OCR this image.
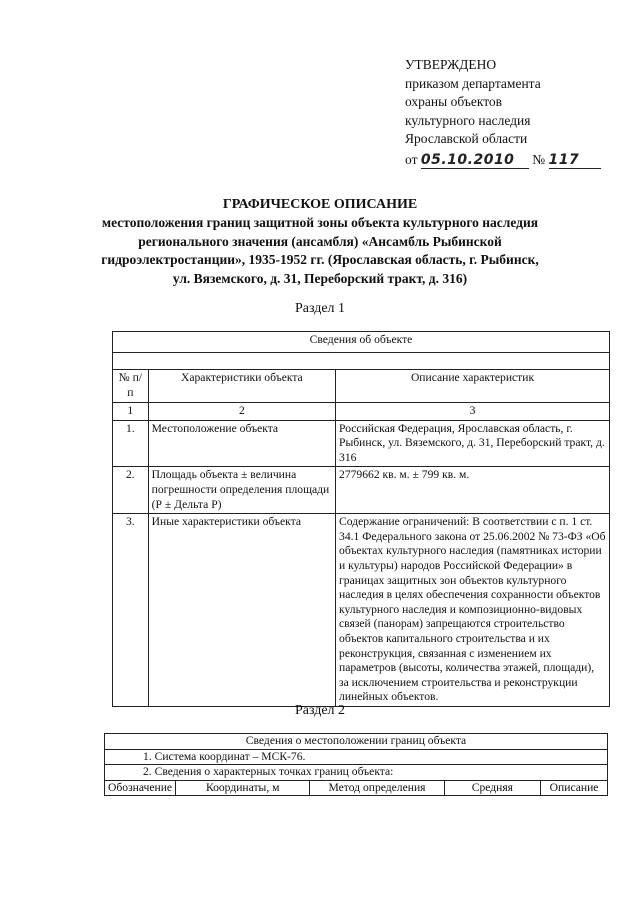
УТВЕРЖДЕНО
приказом департамента
охраны объектов
культурного наследия
Ярославской области
от 05.10.2010 № 117
ГРАФИЧЕСКОЕ ОПИСАНИЕ
местоположения границ защитной зоны объекта культурного наследия регионального значения (ансамбля) «Ансамбль Рыбинской гидроэлектростанции», 1935-1952 гг. (Ярославская область, г. Рыбинск, ул. Вяземского, д. 31, Переборский тракт, д. 316)
Раздел 1
Сведения об объекте		

№ п/п	Характеристики объекта	Описание характеристик
1	2	3
1.	Местоположение объекта	Российская Федерация, Ярославская область, г. Рыбинск, ул. Вяземского, д. 31, Переборский тракт, д. 316
2.	Площадь объекта ± величина погрешности определения площади (Р ± Дельта Р)	2779662 кв. м. ± 799 кв. м.
3.	Иные характеристики объекта	Содержание ограничений: В соответствии с п. 1 ст. 34.1 Федерального закона от 25.06.2002 № 73-ФЗ «Об объектах культурного наследия (памятниках истории и культуры) народов Российской Федерации» в границах защитных зон объектов культурного наследия в целях обеспечения сохранности объектов культурного наследия и композиционно-видовых связей (панорам) запрещаются строительство объектов капитального строительства и их реконструкция, связанная с изменением их параметров (высоты, количества этажей, площади), за исключением строительства и реконструкции линейных объектов.
Раздел 2
Сведения о местоположении границ объекта
1. Система координат – МСК-76.
2. Сведения о характерных точках границ объекта:
Обозначение	Координаты, м	Метод определения	Средняя	Описание
